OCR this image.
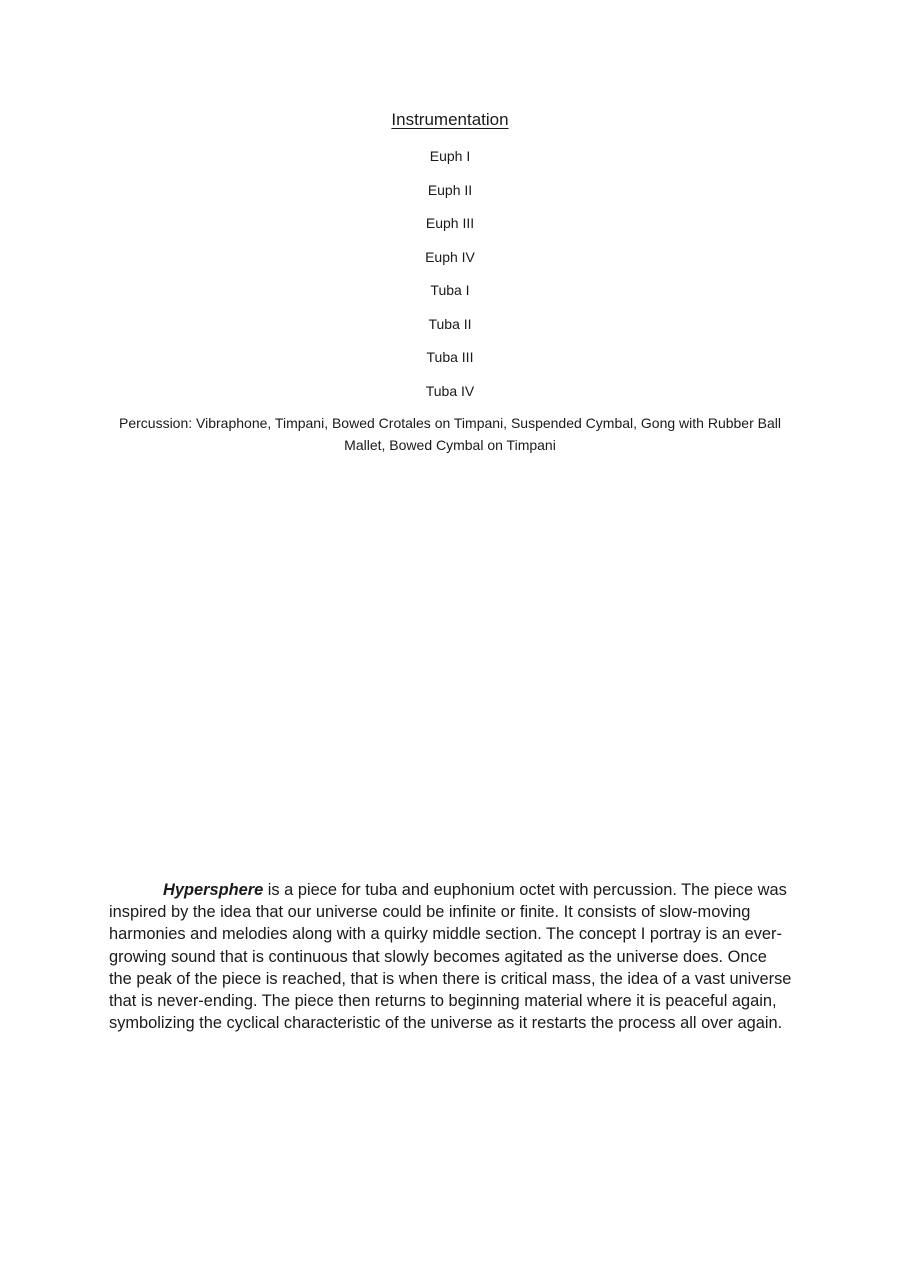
Instrumentation
Euph I
Euph II
Euph III
Euph IV
Tuba I
Tuba II
Tuba III
Tuba IV
Percussion: Vibraphone, Timpani, Bowed Crotales on Timpani, Suspended Cymbal, Gong with Rubber Ball Mallet, Bowed Cymbal on Timpani

Hypersphere is a piece for tuba and euphonium octet with percussion. The piece was inspired by the idea that our universe could be infinite or finite. It consists of slow-moving harmonies and melodies along with a quirky middle section. The concept I portray is an ever-growing sound that is continuous that slowly becomes agitated as the universe does. Once the peak of the piece is reached, that is when there is critical mass, the idea of a vast universe that is never-ending. The piece then returns to beginning material where it is peaceful again, symbolizing the cyclical characteristic of the universe as it restarts the process all over again.
